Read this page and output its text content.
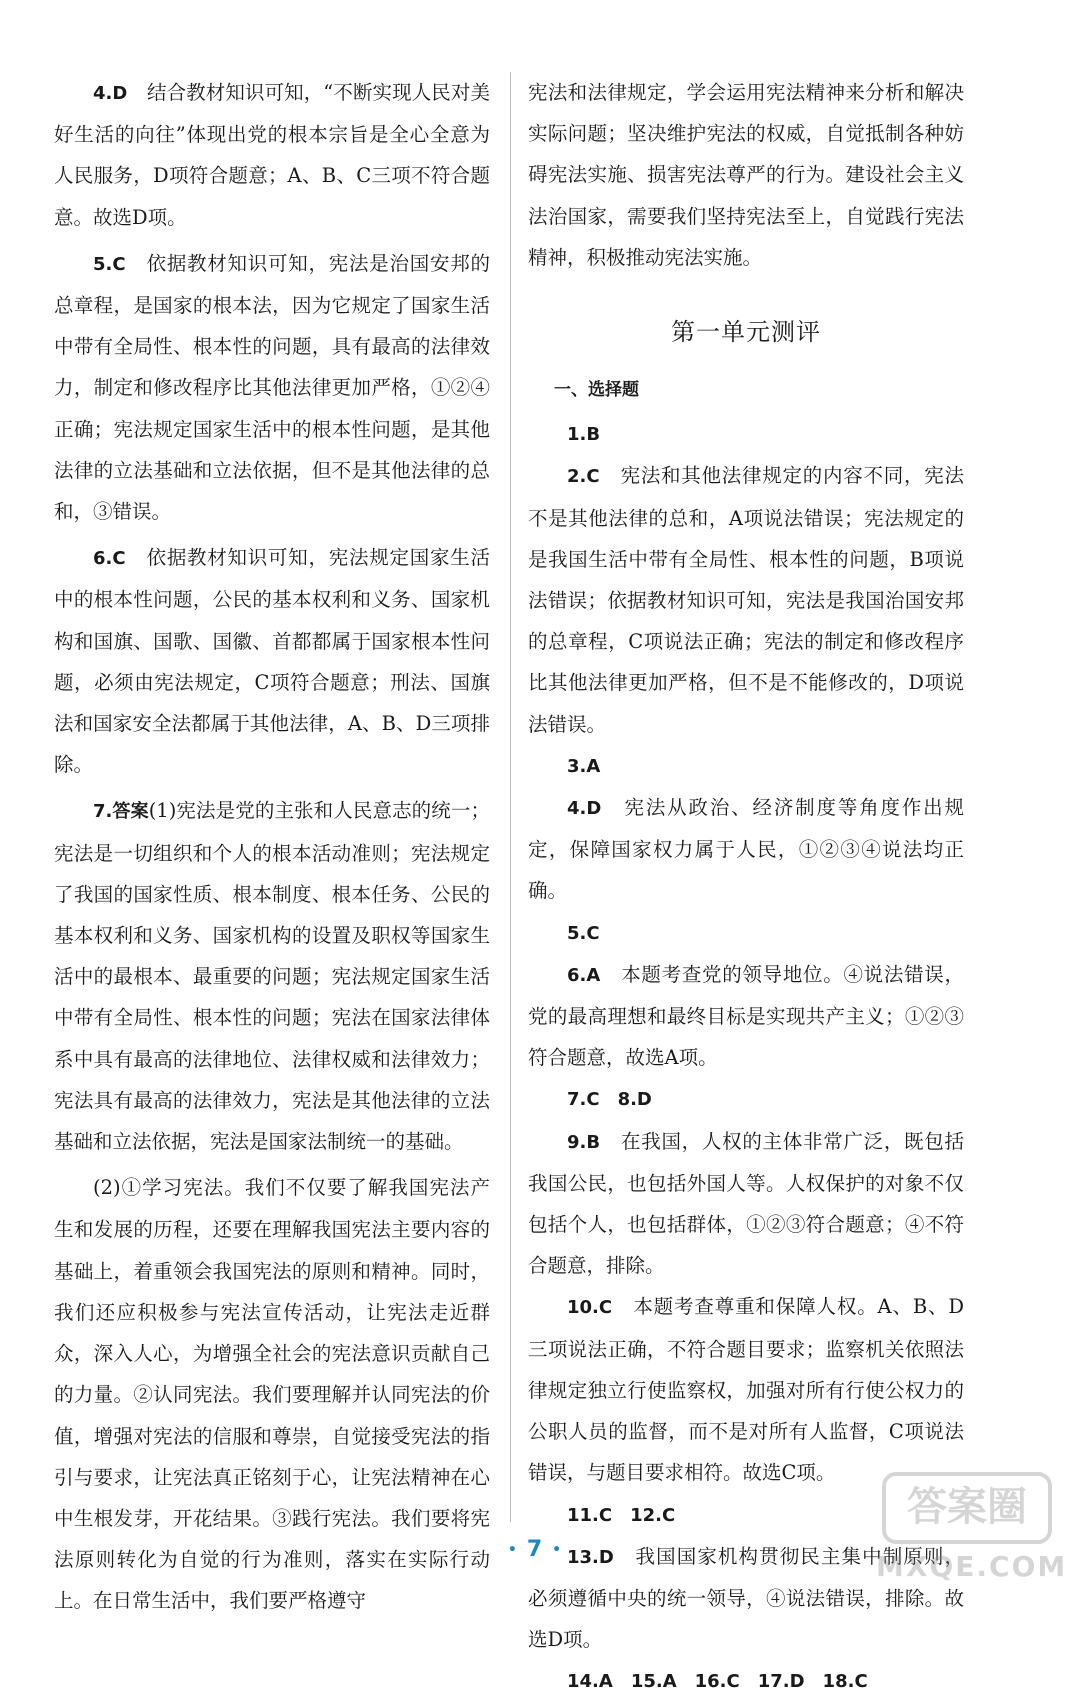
4.D　结合教材知识可知，“不断实现人民对美好生活的向往”体现出党的根本宗旨是全心全意为人民服务，D项符合题意；A、B、C三项不符合题意。故选D项。

5.C　依据教材知识可知，宪法是治国安邦的总章程，是国家的根本法，因为它规定了国家生活中带有全局性、根本性的问题，具有最高的法律效力，制定和修改程序比其他法律更加严格，①②④正确；宪法规定国家生活中的根本性问题，是其他法律的立法基础和立法依据，但不是其他法律的总和，③错误。

6.C　依据教材知识可知，宪法规定国家生活中的根本性问题，公民的基本权利和义务、国家机构和国旗、国歌、国徽、首都都属于国家根本性问题，必须由宪法规定，C项符合题意；刑法、国旗法和国家安全法都属于其他法律，A、B、D三项排除。

7.答案(1)宪法是党的主张和人民意志的统一；宪法是一切组织和个人的根本活动准则；宪法规定了我国的国家性质、根本制度、根本任务、公民的基本权利和义务、国家机构的设置及职权等国家生活中的最根本、最重要的问题；宪法规定国家生活中带有全局性、根本性的问题；宪法在国家法律体系中具有最高的法律地位、法律权威和法律效力；宪法具有最高的法律效力，宪法是其他法律的立法基础和立法依据，宪法是国家法制统一的基础。

(2)①学习宪法。我们不仅要了解我国宪法产生和发展的历程，还要在理解我国宪法主要内容的基础上，着重领会我国宪法的原则和精神。同时，我们还应积极参与宪法宣传活动，让宪法走近群众，深入人心，为增强全社会的宪法意识贡献自己的力量。②认同宪法。我们要理解并认同宪法的价值，增强对宪法的信服和尊崇，自觉接受宪法的指引与要求，让宪法真正铭刻于心，让宪法精神在心中生根发芽，开花结果。③践行宪法。我们要将宪法原则转化为自觉的行为准则，落实在实际行动上。在日常生活中，我们要严格遵守

宪法和法律规定，学会运用宪法精神来分析和解决实际问题；坚决维护宪法的权威，自觉抵制各种妨碍宪法实施、损害宪法尊严的行为。建设社会主义法治国家，需要我们坚持宪法至上，自觉践行宪法精神，积极推动宪法实施。

第一单元测评
一、选择题

1.B

2.C　宪法和其他法律规定的内容不同，宪法不是其他法律的总和，A项说法错误；宪法规定的是我国生活中带有全局性、根本性的问题，B项说法错误；依据教材知识可知，宪法是我国治国安邦的总章程，C项说法正确；宪法的制定和修改程序比其他法律更加严格，但不是不能修改的，D项说法错误。

3.A

4.D　宪法从政治、经济制度等角度作出规定，保障国家权力属于人民，①②③④说法均正确。

5.C

6.A　本题考查党的领导地位。④说法错误，党的最高理想和最终目标是实现共产主义；①②③符合题意，故选A项。

7.C　8.D

9.B　在我国，人权的主体非常广泛，既包括我国公民，也包括外国人等。人权保护的对象不仅包括个人，也包括群体，①②③符合题意；④不符合题意，排除。

10.C　本题考查尊重和保障人权。A、B、D三项说法正确，不符合题目要求；监察机关依照法律规定独立行使监察权，加强对所有行使公权力的公职人员的监督，而不是对所有人监督，C项说法错误，与题目要求相符。故选C项。

11.C　12.C

13.D　我国国家机构贯彻民主集中制原则，必须遵循中央的统一领导，④说法错误，排除。故选D项。

14.A　15.A　16.C　17.D　18.C

• 7 •
答案圈
MXQE.COM
